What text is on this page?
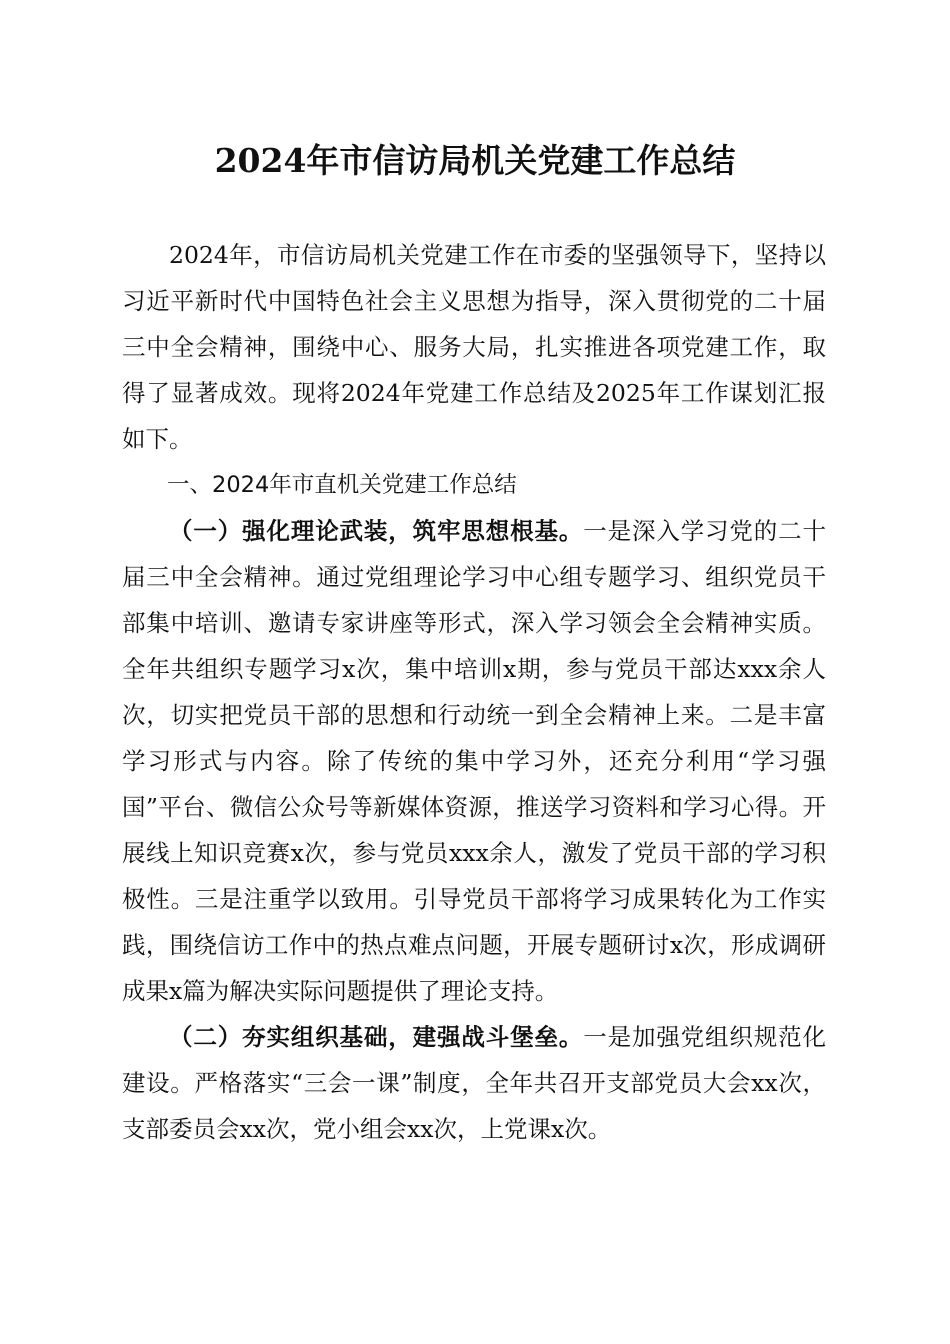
2024年市信访局机关党建工作总结

2024年，市信访局机关党建工作在市委的坚强领导下，坚持以习近平新时代中国特色社会主义思想为指导，深入贯彻党的二十届三中全会精神，围绕中心、服务大局，扎实推进各项党建工作，取得了显著成效。现将2024年党建工作总结及2025年工作谋划汇报如下。

一、2024年市直机关党建工作总结

（一）强化理论武装，筑牢思想根基。一是深入学习党的二十届三中全会精神。通过党组理论学习中心组专题学习、组织党员干部集中培训、邀请专家讲座等形式，深入学习领会全会精神实质。全年共组织专题学习x次，集中培训x期，参与党员干部达xxx余人次，切实把党员干部的思想和行动统一到全会精神上来。二是丰富学习形式与内容。除了传统的集中学习外，还充分利用“学习强国”平台、微信公众号等新媒体资源，推送学习资料和学习心得。开展线上知识竞赛x次，参与党员xxx余人，激发了党员干部的学习积极性。三是注重学以致用。引导党员干部将学习成果转化为工作实践，围绕信访工作中的热点难点问题，开展专题研讨x次，形成调研成果x篇为解决实际问题提供了理论支持。

（二）夯实组织基础，建强战斗堡垒。一是加强党组织规范化建设。严格落实“三会一课”制度，全年共召开支部党员大会xx次，支部委员会xx次，党小组会xx次，上党课x次。
